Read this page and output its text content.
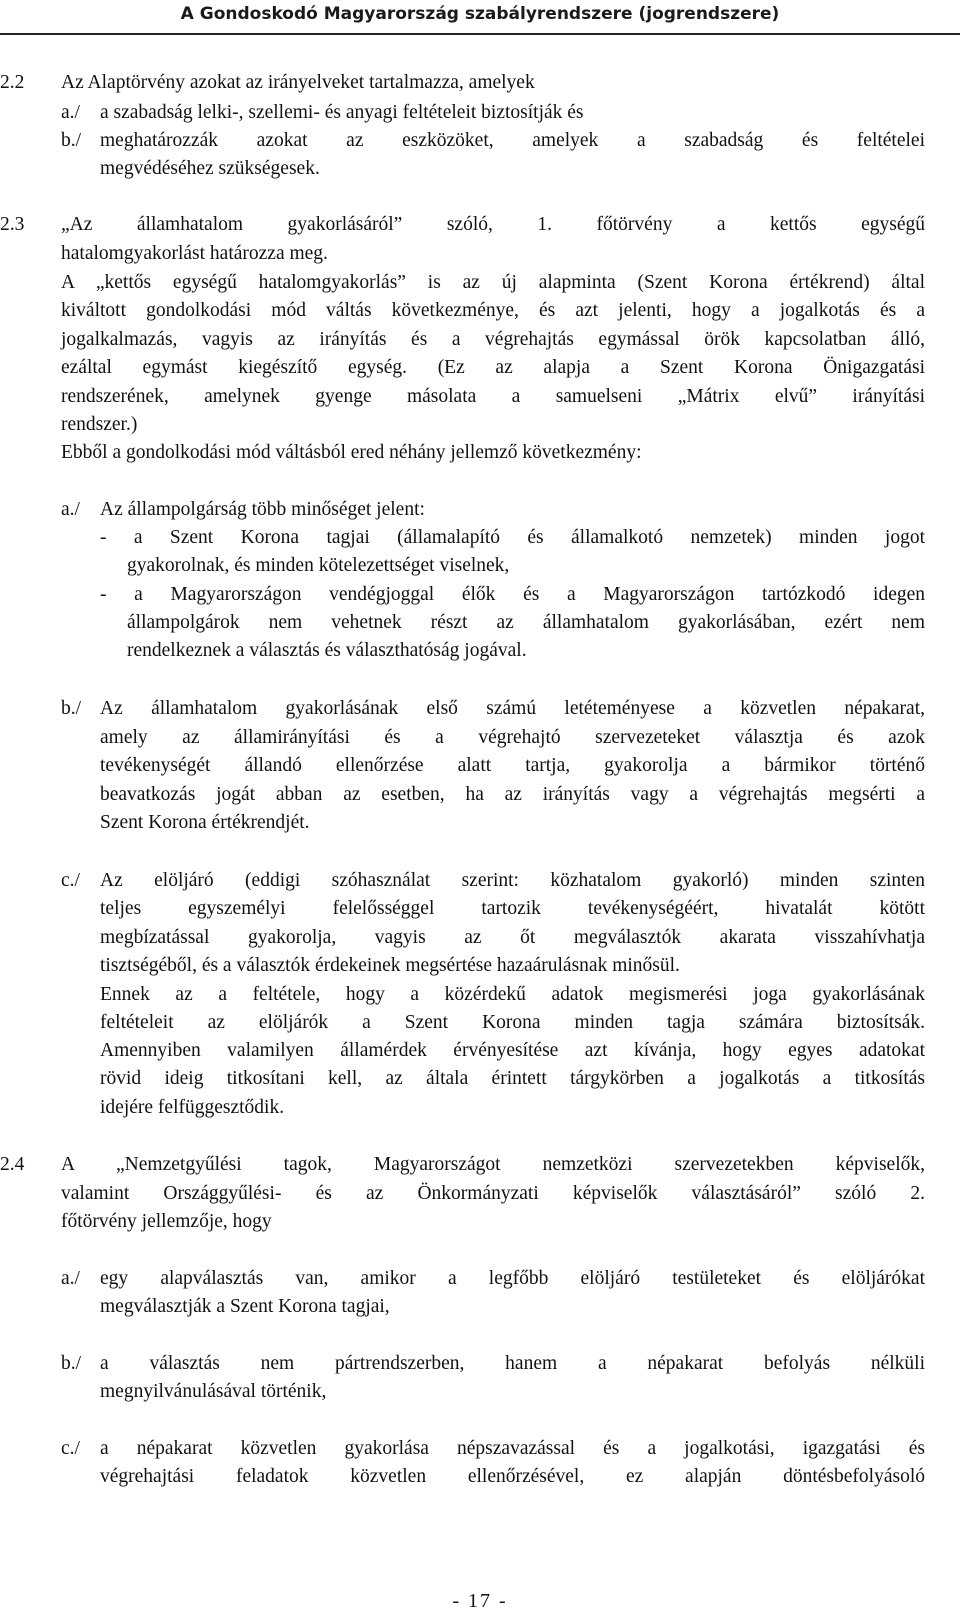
A Gondoskodó Magyarország szabályrendszere (jogrendszere)
2.2 Az Alaptörvény azokat az irányelveket tartalmazza, amelyek
a./ a szabadság lelki-, szellemi- és anyagi feltételeit biztosítják és
b./ meghatározzák azokat az eszközöket, amelyek a szabadság és feltételei
megvédéséhez szükségesek.
2.3 „Az államhatalom gyakorlásáról” szóló, 1. főtörvény a kettős egységű
hatalomgyakorlást határozza meg.
A „kettős egységű hatalomgyakorlás” is az új alapminta (Szent Korona értékrend) által
kiváltott gondolkodási mód váltás következménye, és azt jelenti, hogy a jogalkotás és a
jogalkalmazás, vagyis az irányítás és a végrehajtás egymással örök kapcsolatban álló,
ezáltal egymást kiegészítő egység. (Ez az alapja a Szent Korona Önigazgatási
rendszerének, amelynek gyenge másolata a samuelseni „Mátrix elvű” irányítási
rendszer.)
Ebből a gondolkodási mód váltásból ered néhány jellemző következmény:
a./ Az állampolgárság több minőséget jelent:
- a Szent Korona tagjai (államalapító és államalkotó nemzetek) minden jogot
gyakorolnak, és minden kötelezettséget viselnek,
- a Magyarországon vendégjoggal élők és a Magyarországon tartózkodó idegen
állampolgárok nem vehetnek részt az államhatalom gyakorlásában, ezért nem
rendelkeznek a választás és választhatóság jogával.
b./ Az államhatalom gyakorlásának első számú letéteményese a közvetlen népakarat,
amely az államirányítási és a végrehajtó szervezeteket választja és azok
tevékenységét állandó ellenőrzése alatt tartja, gyakorolja a bármikor történő
beavatkozás jogát abban az esetben, ha az irányítás vagy a végrehajtás megsérti a
Szent Korona értékrendjét.
c./ Az elöljáró (eddigi szóhasználat szerint: közhatalom gyakorló) minden szinten
teljes egyszemélyi felelősséggel tartozik tevékenységéért, hivatalát kötött
megbízatással gyakorolja, vagyis az őt megválasztók akarata visszahívhatja
tisztségéből, és a választók érdekeinek megsértése hazaárulásnak minősül.
Ennek az a feltétele, hogy a közérdekű adatok megismerési joga gyakorlásának
feltételeit az elöljárók a Szent Korona minden tagja számára biztosítsák.
Amennyiben valamilyen államérdek érvényesítése azt kívánja, hogy egyes adatokat
rövid ideig titkosítani kell, az általa érintett tárgykörben a jogalkotás a titkosítás
idejére felfüggesztődik.
2.4 A „Nemzetgyűlési tagok, Magyarországot nemzetközi szervezetekben képviselők,
valamint Országgyűlési- és az Önkormányzati képviselők választásáról” szóló 2.
főtörvény jellemzője, hogy
a./ egy alapválasztás van, amikor a legfőbb elöljáró testületeket és elöljárókat
megválasztják a Szent Korona tagjai,
b./ a választás nem pártrendszerben, hanem a népakarat befolyás nélküli
megnyilvánulásával történik,
c./ a népakarat közvetlen gyakorlása népszavazással és a jogalkotási, igazgatási és
végrehajtási feladatok közvetlen ellenőrzésével, ez alapján döntésbefolyásoló
- 17 -
